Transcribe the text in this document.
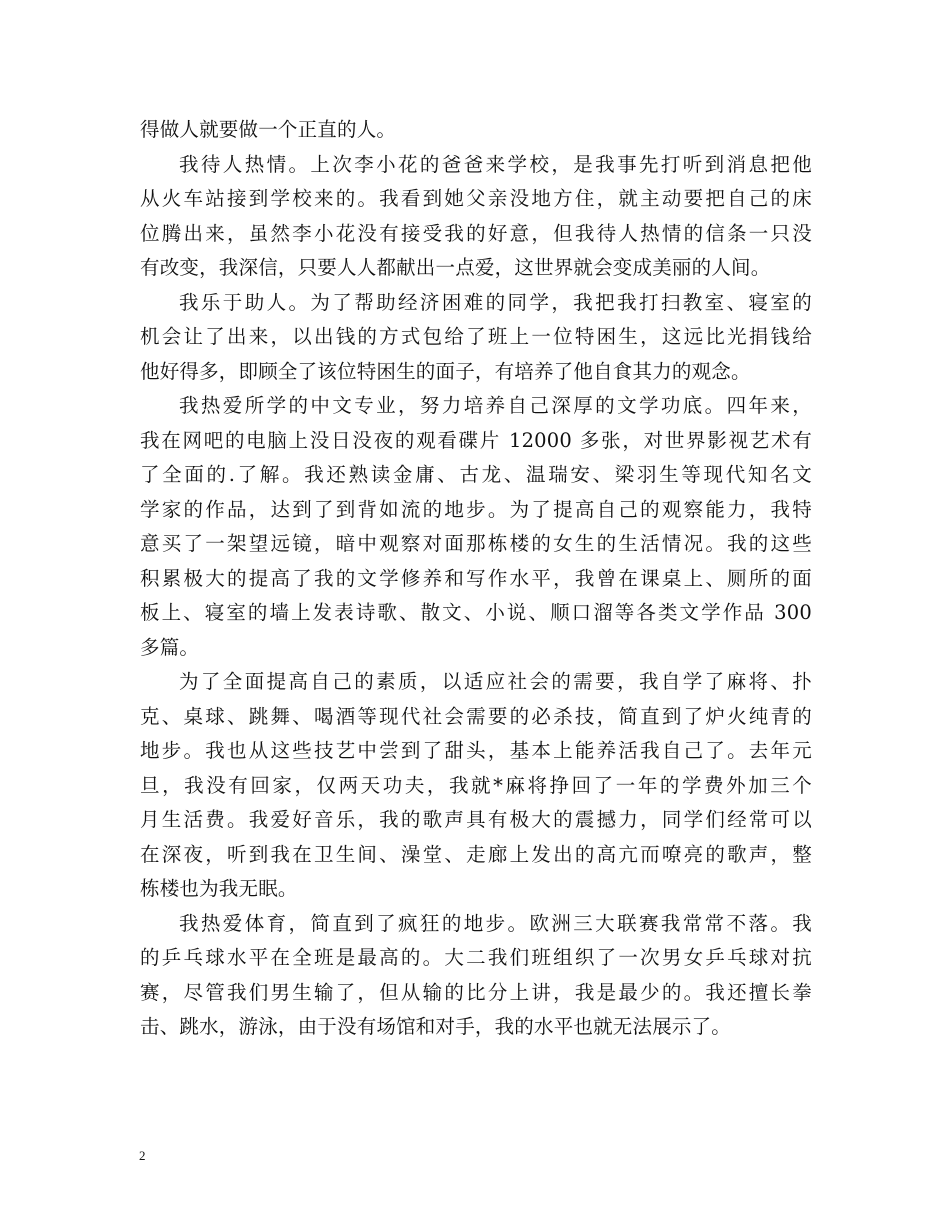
得做人就要做一个正直的人。
我待人热情。上次李小花的爸爸来学校，是我事先打听到消息把他
从火车站接到学校来的。我看到她父亲没地方住，就主动要把自己的床
位腾出来，虽然李小花没有接受我的好意，但我待人热情的信条一只没
有改变，我深信，只要人人都献出一点爱，这世界就会变成美丽的人间。
我乐于助人。为了帮助经济困难的同学，我把我打扫教室、寝室的
机会让了出来，以出钱的方式包给了班上一位特困生，这远比光捐钱给
他好得多，即顾全了该位特困生的面子，有培养了他自食其力的观念。
我热爱所学的中文专业，努力培养自己深厚的文学功底。四年来，
我在网吧的电脑上没日没夜的观看碟片 12000 多张，对世界影视艺术有
了全面的.了解。我还熟读金庸、古龙、温瑞安、梁羽生等现代知名文
学家的作品，达到了到背如流的地步。为了提高自己的观察能力，我特
意买了一架望远镜，暗中观察对面那栋楼的女生的生活情况。我的这些
积累极大的提高了我的文学修养和写作水平，我曾在课桌上、厕所的面
板上、寝室的墙上发表诗歌、散文、小说、顺口溜等各类文学作品 300
多篇。
为了全面提高自己的素质，以适应社会的需要，我自学了麻将、扑
克、桌球、跳舞、喝酒等现代社会需要的必杀技，简直到了炉火纯青的
地步。我也从这些技艺中尝到了甜头，基本上能养活我自己了。去年元
旦，我没有回家，仅两天功夫，我就*麻将挣回了一年的学费外加三个
月生活费。我爱好音乐，我的歌声具有极大的震撼力，同学们经常可以
在深夜，听到我在卫生间、澡堂、走廊上发出的高亢而嘹亮的歌声，整
栋楼也为我无眠。
我热爱体育，简直到了疯狂的地步。欧洲三大联赛我常常不落。我
的乒乓球水平在全班是最高的。大二我们班组织了一次男女乒乓球对抗
赛，尽管我们男生输了，但从输的比分上讲，我是最少的。我还擅长拳
击、跳水，游泳，由于没有场馆和对手，我的水平也就无法展示了。
2
